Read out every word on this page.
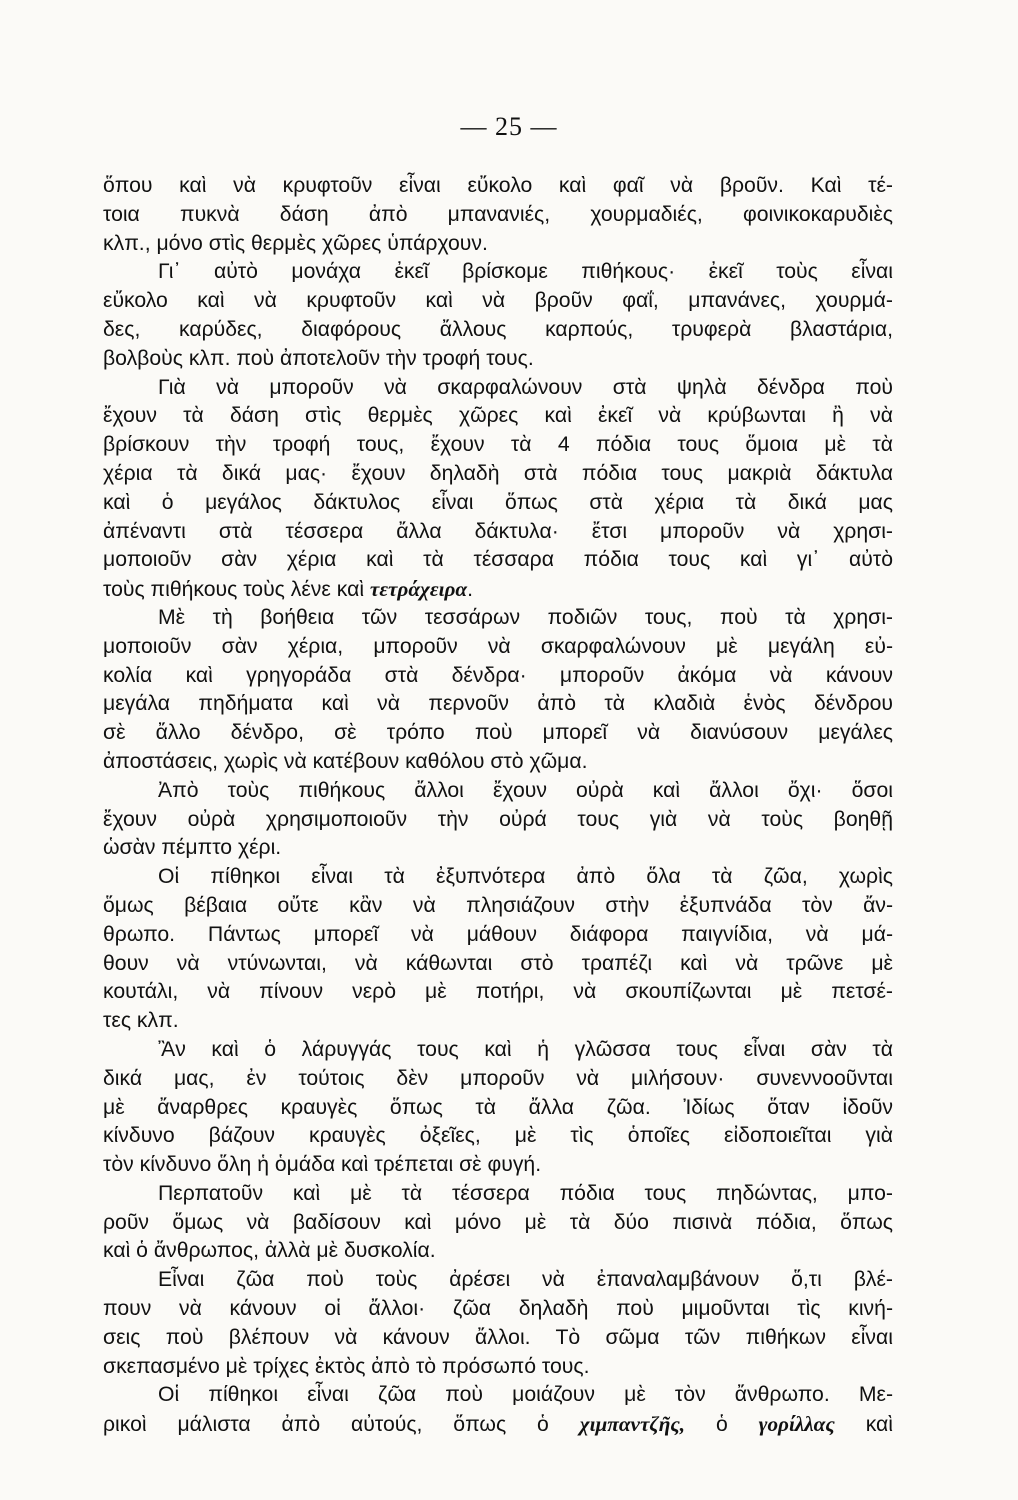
— 25 —
ὅπου καὶ νὰ κρυφτοῦν εἶναι εὔκολο καὶ φαῖ νὰ βροῦν. Καὶ τέ-
τοια πυκνὰ δάση ἀπὸ μπανανιές, χουρμαδιές, φοινικοκαρυδιὲς
κλπ., μόνο στὶς θερμὲς χῶρες ὑπάρχουν.
Γι᾿ αὐτὸ μονάχα ἐκεῖ βρίσκομε πιθήκους· ἐκεῖ τοὺς εἶναι
εὔκολο καὶ νὰ κρυφτοῦν καὶ νὰ βροῦν φαΐ, μπανάνες, χουρμά-
δες, καρύδες, διαφόρους ἄλλους καρπούς, τρυφερὰ βλαστάρια,
βολβοὺς κλπ. ποὺ ἀποτελοῦν τὴν τροφή τους.
Γιὰ νὰ μποροῦν νὰ σκαρφαλώνουν στὰ ψηλὰ δένδρα ποὺ
ἔχουν τὰ δάση στὶς θερμὲς χῶρες καὶ ἐκεῖ νὰ κρύβωνται ἢ νὰ
βρίσκουν τὴν τροφή τους, ἔχουν τὰ 4 πόδια τους ὅμοια μὲ τὰ
χέρια τὰ δικά μας· ἔχουν δηλαδὴ στὰ πόδια τους μακριὰ δάκτυλα
καὶ ὁ μεγάλος δάκτυλος εἶναι ὅπως στὰ χέρια τὰ δικά μας
ἀπέναντι στὰ τέσσερα ἄλλα δάκτυλα· ἔτσι μποροῦν νὰ χρησι-
μοποιοῦν σὰν χέρια καὶ τὰ τέσσαρα πόδια τους καὶ γι᾿ αὐτὸ
τοὺς πιθήκους τοὺς λένε καὶ τετράχειρα.
Μὲ τὴ βοήθεια τῶν τεσσάρων ποδιῶν τους, ποὺ τὰ χρησι-
μοποιοῦν σὰν χέρια, μποροῦν νὰ σκαρφαλώνουν μὲ μεγάλη εὐ-
κολία καὶ γρηγοράδα στὰ δένδρα· μποροῦν ἀκόμα νὰ κάνουν
μεγάλα πηδήματα καὶ νὰ περνοῦν ἀπὸ τὰ κλαδιὰ ἑνὸς δένδρου
σὲ ἄλλο δένδρο, σὲ τρόπο ποὺ μπορεῖ νὰ διανύσουν μεγάλες
ἀποστάσεις, χωρὶς νὰ κατέβουν καθόλου στὸ χῶμα.
Ἀπὸ τοὺς πιθήκους ἄλλοι ἔχουν οὐρὰ καὶ ἄλλοι ὄχι· ὅσοι
ἔχουν οὐρὰ χρησιμοποιοῦν τὴν οὐρά τους γιὰ νὰ τοὺς βοηθῇ
ὡσὰν πέμπτο χέρι.
Οἱ πίθηκοι εἶναι τὰ ἐξυπνότερα ἀπὸ ὅλα τὰ ζῶα, χωρὶς
ὅμως βέβαια οὔτε κἂν νὰ πλησιάζουν στὴν ἐξυπνάδα τὸν ἄν-
θρωπο. Πάντως μπορεῖ νὰ μάθουν διάφορα παιγνίδια, νὰ μά-
θουν νὰ ντύνωνται, νὰ κάθωνται στὸ τραπέζι καὶ νὰ τρῶνε μὲ
κουτάλι, νὰ πίνουν νερὸ μὲ ποτήρι, νὰ σκουπίζωνται μὲ πετσέ-
τες κλπ.
Ἂν καὶ ὁ λάρυγγάς τους καὶ ἡ γλῶσσα τους εἶναι σὰν τὰ
δικά μας, ἐν τούτοις δὲν μποροῦν νὰ μιλήσουν· συνεννοοῦνται
μὲ ἄναρθρες κραυγὲς ὅπως τὰ ἄλλα ζῶα. Ἰδίως ὅταν ἰδοῦν
κίνδυνο βάζουν κραυγὲς ὀξεῖες, μὲ τὶς ὁποῖες εἰδοποιεῖται γιὰ
τὸν κίνδυνο ὅλη ἡ ὁμάδα καὶ τρέπεται σὲ φυγή.
Περπατοῦν καὶ μὲ τὰ τέσσερα πόδια τους πηδώντας, μπο-
ροῦν ὅμως νὰ βαδίσουν καὶ μόνο μὲ τὰ δύο πισινὰ πόδια, ὅπως
καὶ ὁ ἄνθρωπος, ἀλλὰ μὲ δυσκολία.
Εἶναι ζῶα ποὺ τοὺς ἀρέσει νὰ ἐπαναλαμβάνουν ὅ,τι βλέ-
πουν νὰ κάνουν οἱ ἄλλοι· ζῶα δηλαδὴ ποὺ μιμοῦνται τὶς κινή-
σεις ποὺ βλέπουν νὰ κάνουν ἄλλοι. Τὸ σῶμα τῶν πιθήκων εἶναι
σκεπασμένο μὲ τρίχες ἐκτὸς ἀπὸ τὸ πρόσωπό τους.
Οἱ πίθηκοι εἶναι ζῶα ποὺ μοιάζουν μὲ τὸν ἄνθρωπο. Με-
ρικοὶ μάλιστα ἀπὸ αὐτούς, ὅπως ὁ χιμπαντζῆς, ὁ γορίλλας καὶ
